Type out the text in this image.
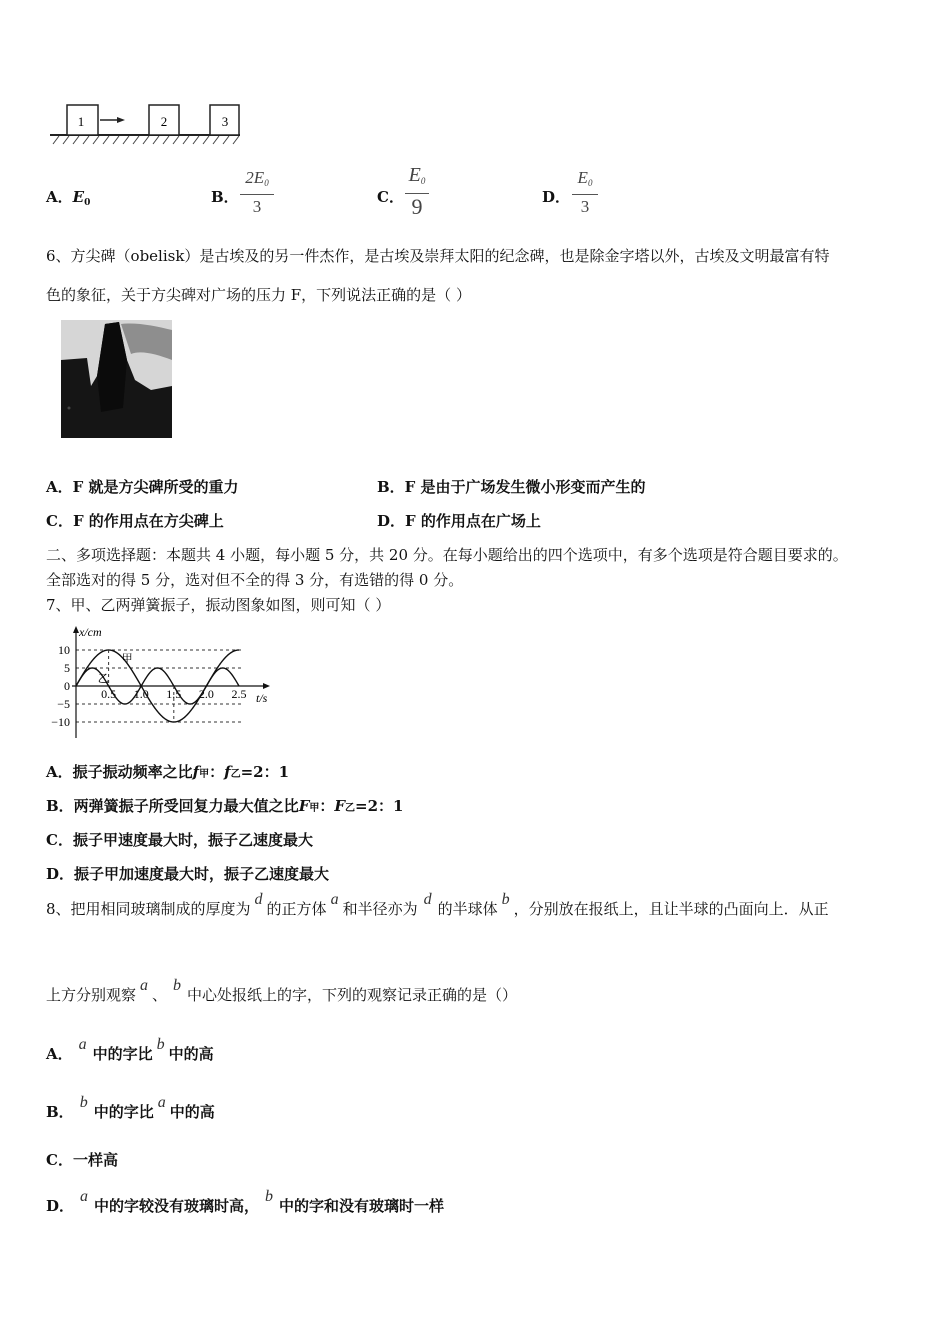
1	2	3
A．$E_0$	B．
2E0
3	C．
E0
9	D．
E0
3
6、方尖碑（obelisk）是古埃及的另一件杰作，是古埃及崇拜太阳的纪念碑，也是除金字塔以外，古埃及文明最富有特
色的象征，关于方尖碑对广场的压力 F，下列说法正确的是（ ）
A．F 就是方尖碑所受的重力	B．F 是由于广场发生微小形变而产生的
C．F 的作用点在方尖碑上	D．F 的作用点在广场上
二、多项选择题：本题共 4 小题，每小题 5 分，共 20 分。在每小题给出的四个选项中，有多个选项是符合题目要求的。
全部选对的得 5 分，选对但不全的得 3 分，有选错的得 0 分。
7、甲、乙两弹簧振子，振动图象如图，则可知（ ）
x/cm
t/s
10
5
0
−5
−10
0.5 1.0 1.5 2.0 2.5
甲
乙
A．振子振动频率之比f甲：f乙=2：1
B．两弹簧振子所受回复力最大值之比F甲：F乙=2：1
C．振子甲速度最大时，振子乙速度最大
D．振子甲加速度最大时，振子乙速度最大
8、把用相同玻璃制成的厚度为d的正方体a和半径亦为d的半球体b，分别放在报纸上，且让半球的凸面向上．从正
上方分别观察a、b中心处报纸上的字，下列的观察记录正确的是（）
A．a中的字比b中的高
B．b中的字比a中的高
C．一样高
D．a中的字较没有玻璃时高，b中的字和没有玻璃时一样
